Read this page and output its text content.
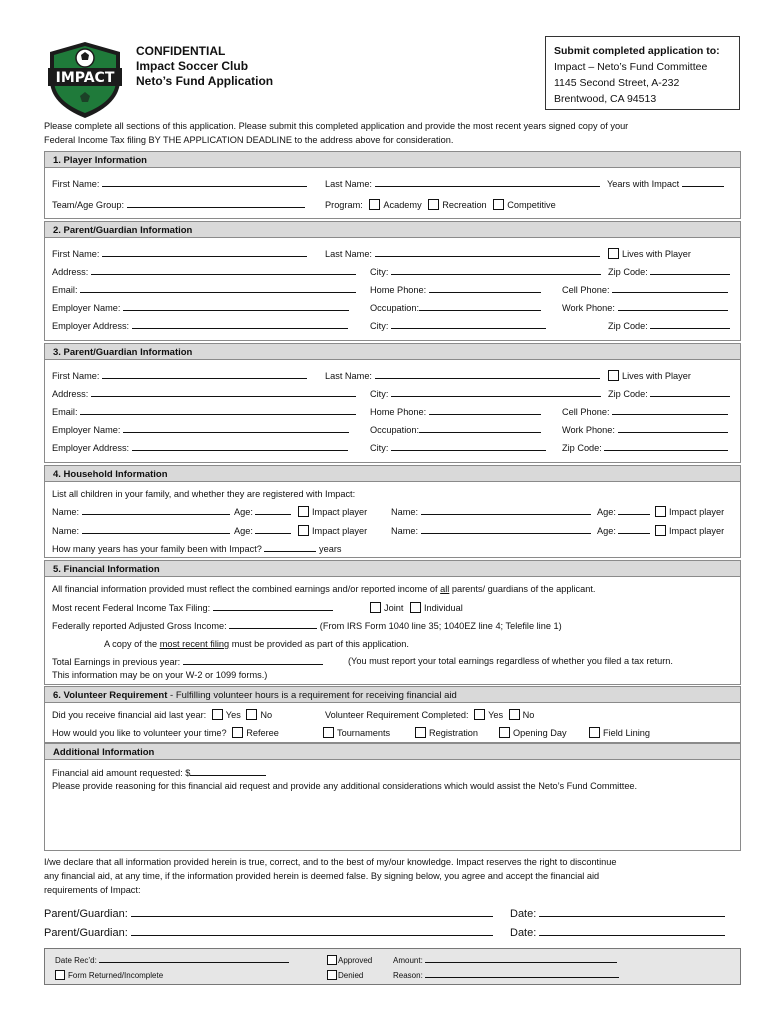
IMPACT
CONFIDENTIAL
Impact Soccer Club
Neto’s Fund Application
Submit completed application to:
Impact – Neto’s Fund Committee
1145 Second Street, A-232
Brentwood, CA 94513
Please complete all sections of this application. Please submit this completed application and provide the most recent years signed copy of your
Federal Income Tax filing BY THE APPLICATION DEADLINE to the address above for consideration.
1. Player Information
First Name:	Last Name:	Years with Impact
Team/Age Group:	Program: Academy Recreation Competitive
2. Parent/Guardian Information
First Name:	Last Name:	Lives with Player
Address:	City:	Zip Code:
Email:	Home Phone:	Cell Phone:
Employer Name:	Occupation:	Work Phone:
Employer Address:	City:	Zip Code:
3. Parent/Guardian Information
First Name:	Last Name:	Lives with Player
Address:	City:	Zip Code:
Email:	Home Phone:	Cell Phone:
Employer Name:	Occupation:	Work Phone:
Employer Address:	City:	Zip Code:
4. Household Information
List all children in your family, and whether they are registered with Impact:
Name:	Age:	Impact player	Name:	Age:	Impact player
Name:	Age:	Impact player	Name:	Age:	Impact player
How many years has your family been with Impact?	years
5. Financial Information
All financial information provided must reflect the combined earnings and/or reported income of all parents/ guardians of the applicant.
Most recent Federal Income Tax Filing:	Joint Individual
Federally reported Adjusted Gross Income:	(From IRS Form 1040 line 35; 1040EZ line 4; Telefile line 1)
A copy of the most recent filing must be provided as part of this application.
Total Earnings in previous year:	(You must report your total earnings regardless of whether you filed a tax return.
This information may be on your W-2 or 1099 forms.)
6. Volunteer Requirement - Fulfilling volunteer hours is a requirement for receiving financial aid
Did you receive financial aid last year: Yes No	Volunteer Requirement Completed: Yes No
How would you like to volunteer your time? Referee	Tournaments	Registration	Opening Day	Field Lining
Additional Information
Financial aid amount requested: $
Please provide reasoning for this financial aid request and provide any additional considerations which would assist the Neto’s Fund Committee.
I/we declare that all information provided herein is true, correct, and to the best of my/our knowledge. Impact reserves the right to discontinue
any financial aid, at any time, if the information provided herein is deemed false. By signing below, you agree and accept the financial aid
requirements of Impact:
Parent/Guardian:	Date:
Parent/Guardian:	Date:
Date Rec’d:	Approved	Amount:
Form Returned/Incomplete	Denied	Reason:
